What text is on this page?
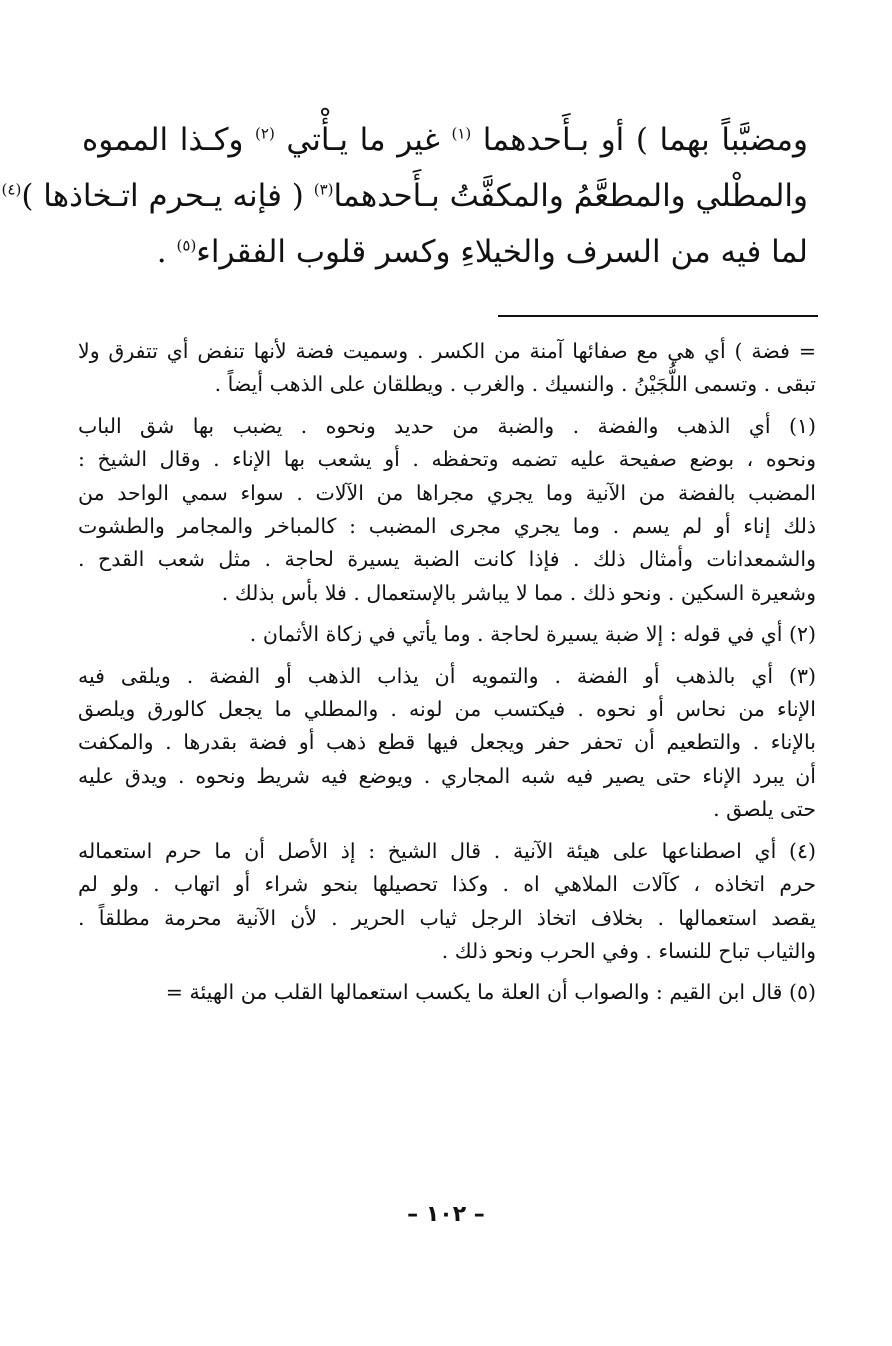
ومضبَّباً بهما ) أو بـأَحدهما $^{(١)}$ غير ما يـأْتي $^{(٢)}$ وكـذا المموه
والمطْلي والمطعَّمُ والمكفَّتُ بـأَحدهما$^{(٣)}$ ( فإنه يـحرم اتـخاذها )$^{(٤)}$
لما فيه من السرف والخيلاءِ وكسر قلوب الفقراء$^{(٥)}$ .
= فضة ) أي هي مع صفائها آمنة من الكسر . وسميت فضة لأنها تنفض أي تتفرق ولا
تبقى . وتسمى اللُّجَيْنُ . والنسيك . والغرب . ويطلقان على الذهب أيضاً .
(١) أي الذهب والفضة . والضبة من حديد ونحوه . يضبب بها شق الباب
ونحوه ، بوضع صفيحة عليه تضمه وتحفظه . أو يشعب بها الإناء . وقال الشيخ :
المضبب بالفضة من الآنية وما يجري مجراها من الآلات . سواء سمي الواحد من
ذلك إناء أو لم يسم . وما يجري مجرى المضبب : كالمباخر والمجامر والطشوت
والشمعدانات وأمثال ذلك . فإذا كانت الضبة يسيرة لحاجة . مثل شعب القدح .
وشعيرة السكين . ونحو ذلك . مما لا يباشر بالإستعمال . فلا بأس بذلك .
(٢) أي في قوله : إلا ضبة يسيرة لحاجة . وما يأتي في زكاة الأثمان .
(٣) أي بالذهب أو الفضة . والتمويه أن يذاب الذهب أو الفضة . ويلقى فيه
الإناء من نحاس أو نحوه . فيكتسب من لونه . والمطلي ما يجعل كالورق ويلصق
بالإناء . والتطعيم أن تحفر حفر ويجعل فيها قطع ذهب أو فضة بقدرها . والمكفت
أن يبرد الإناء حتى يصير فيه شبه المجاري . ويوضع فيه شريط ونحوه . ويدق عليه
حتى يلصق .
(٤) أي اصطناعها على هيئة الآنية . قال الشيخ : إذ الأصل أن ما حرم استعماله
حرم اتخاذه ، كآلات الملاهي اه . وكذا تحصيلها بنحو شراء أو اتهاب . ولو لم
يقصد استعمالها . بخلاف اتخاذ الرجل ثياب الحرير . لأن الآنية محرمة مطلقاً .
والثياب تباح للنساء . وفي الحرب ونحو ذلك .
(٥) قال ابن القيم : والصواب أن العلة ما يكسب استعمالها القلب من الهيئة =
– ١٠٢ –
